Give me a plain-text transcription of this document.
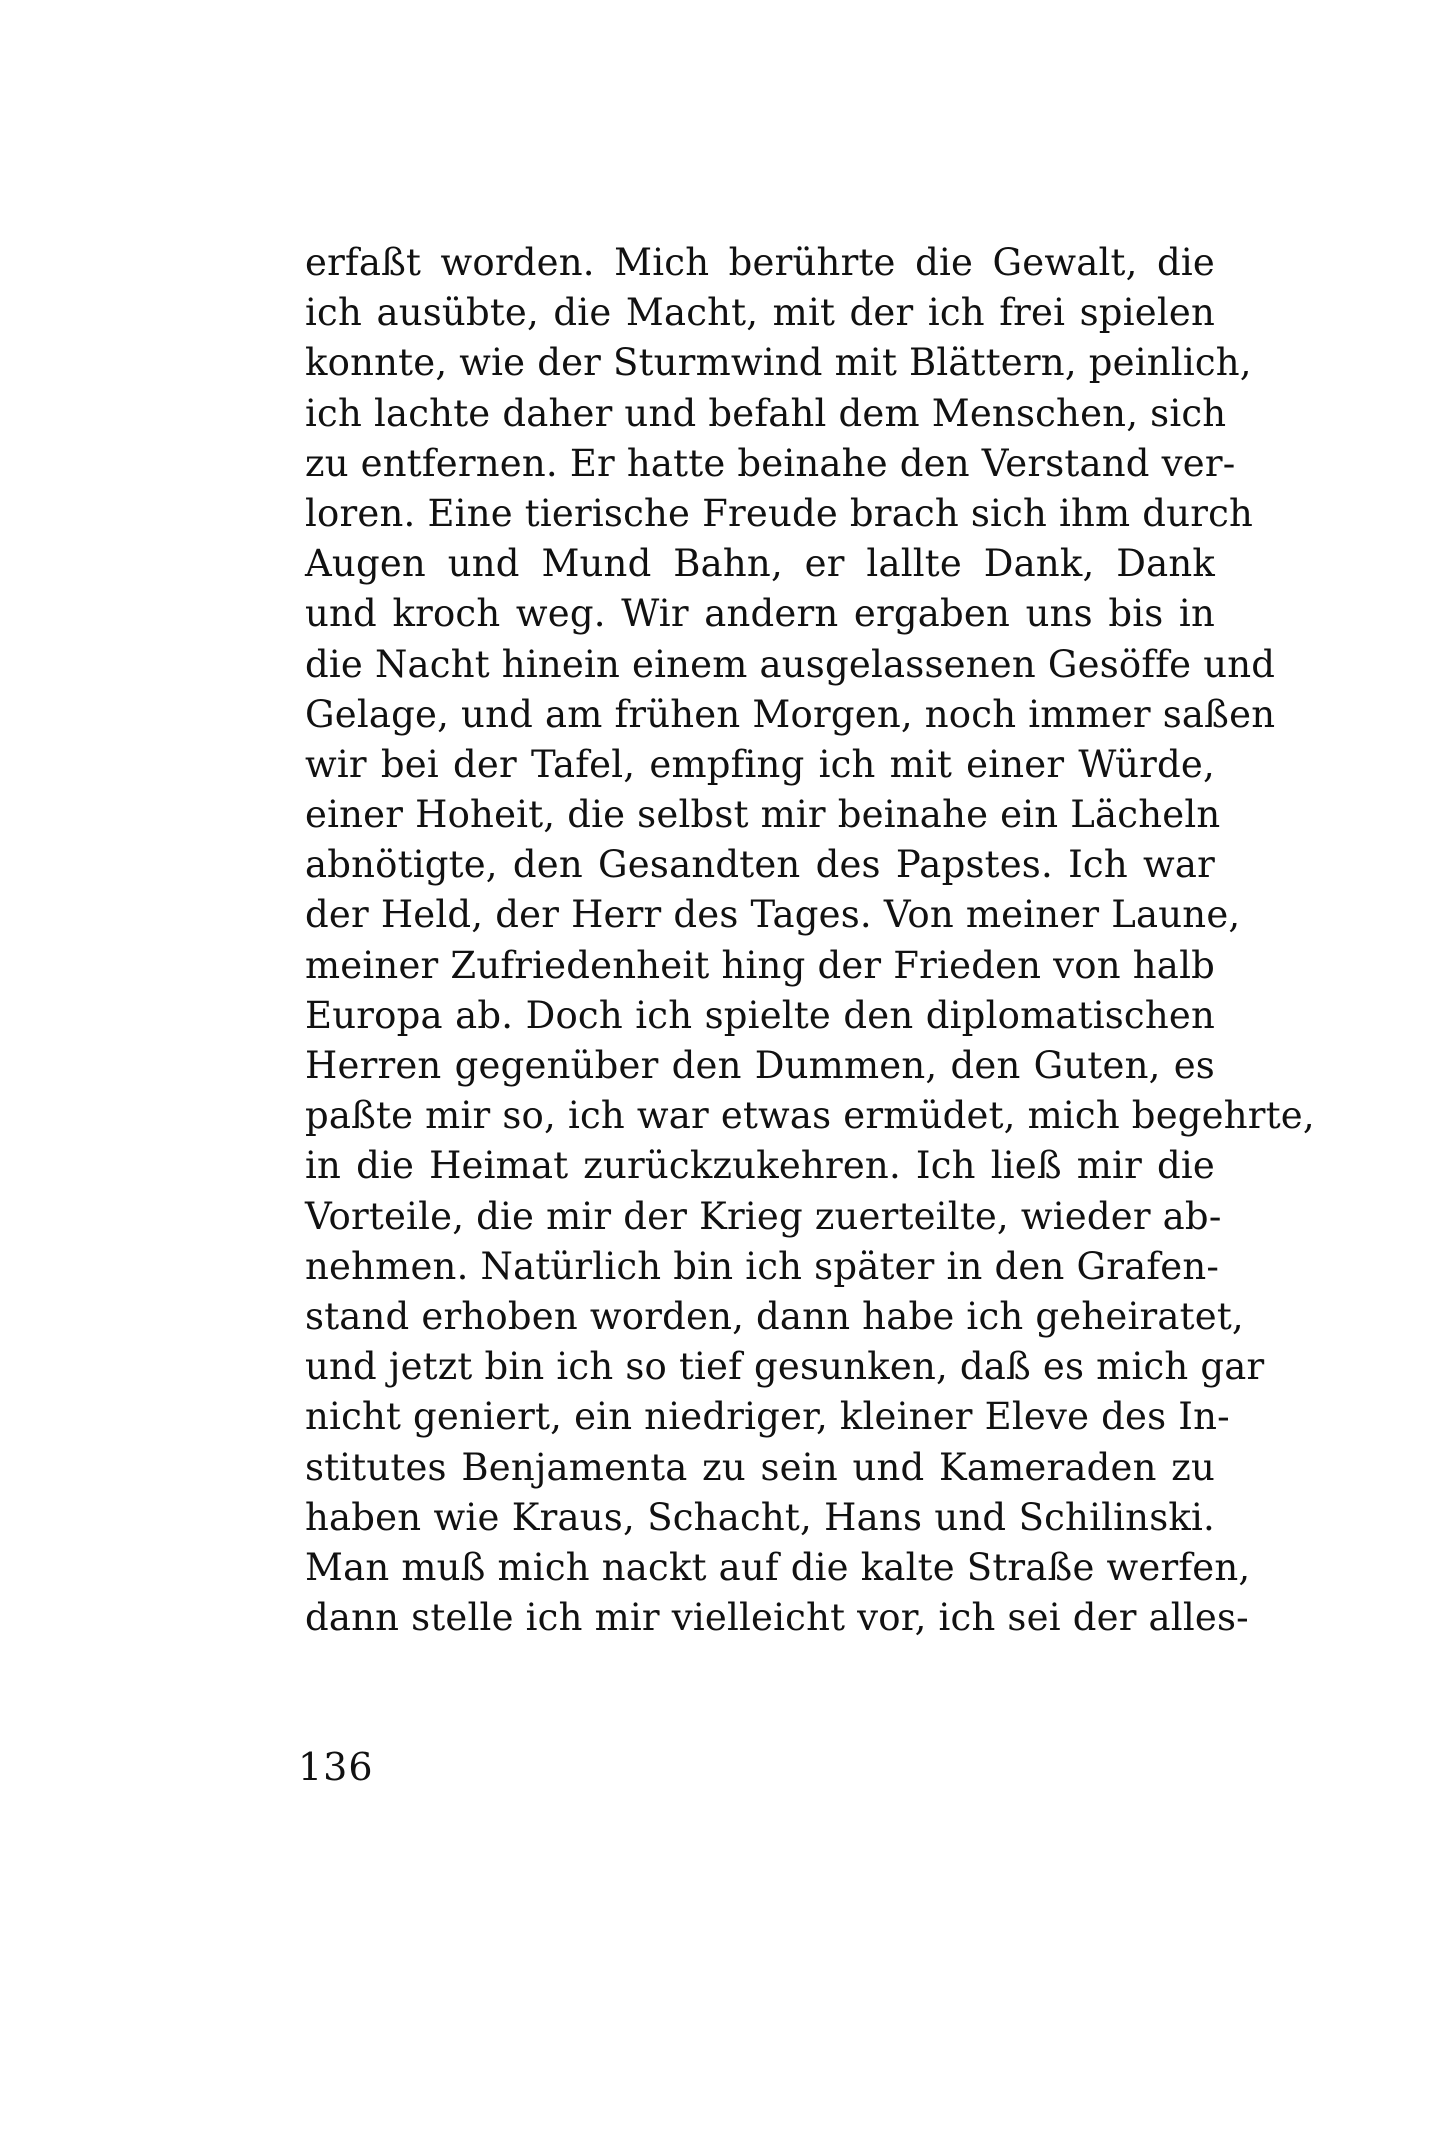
erfaßt worden. Mich berührte die Gewalt, die
ich ausübte, die Macht, mit der ich frei spielen
konnte, wie der Sturmwind mit Blättern, peinlich,
ich lachte daher und befahl dem Menschen, sich
zu entfernen. Er hatte beinahe den Verstand ver-
loren. Eine tierische Freude brach sich ihm durch
Augen und Mund Bahn, er lallte Dank, Dank
und kroch weg. Wir andern ergaben uns bis in
die Nacht hinein einem ausgelassenen Gesöffe und
Gelage, und am frühen Morgen, noch immer saßen
wir bei der Tafel, empfing ich mit einer Würde,
einer Hoheit, die selbst mir beinahe ein Lächeln
abnötigte, den Gesandten des Papstes. Ich war
der Held, der Herr des Tages. Von meiner Laune,
meiner Zufriedenheit hing der Frieden von halb
Europa ab. Doch ich spielte den diplomatischen
Herren gegenüber den Dummen, den Guten, es
paßte mir so, ich war etwas ermüdet, mich begehrte,
in die Heimat zurückzukehren. Ich ließ mir die
Vorteile, die mir der Krieg zuerteilte, wieder ab-
nehmen. Natürlich bin ich später in den Grafen-
stand erhoben worden, dann habe ich geheiratet,
und jetzt bin ich so tief gesunken, daß es mich gar
nicht geniert, ein niedriger, kleiner Eleve des In-
stitutes Benjamenta zu sein und Kameraden zu
haben wie Kraus, Schacht, Hans und Schilinski.
Man muß mich nackt auf die kalte Straße werfen,
dann stelle ich mir vielleicht vor, ich sei der alles-
136
